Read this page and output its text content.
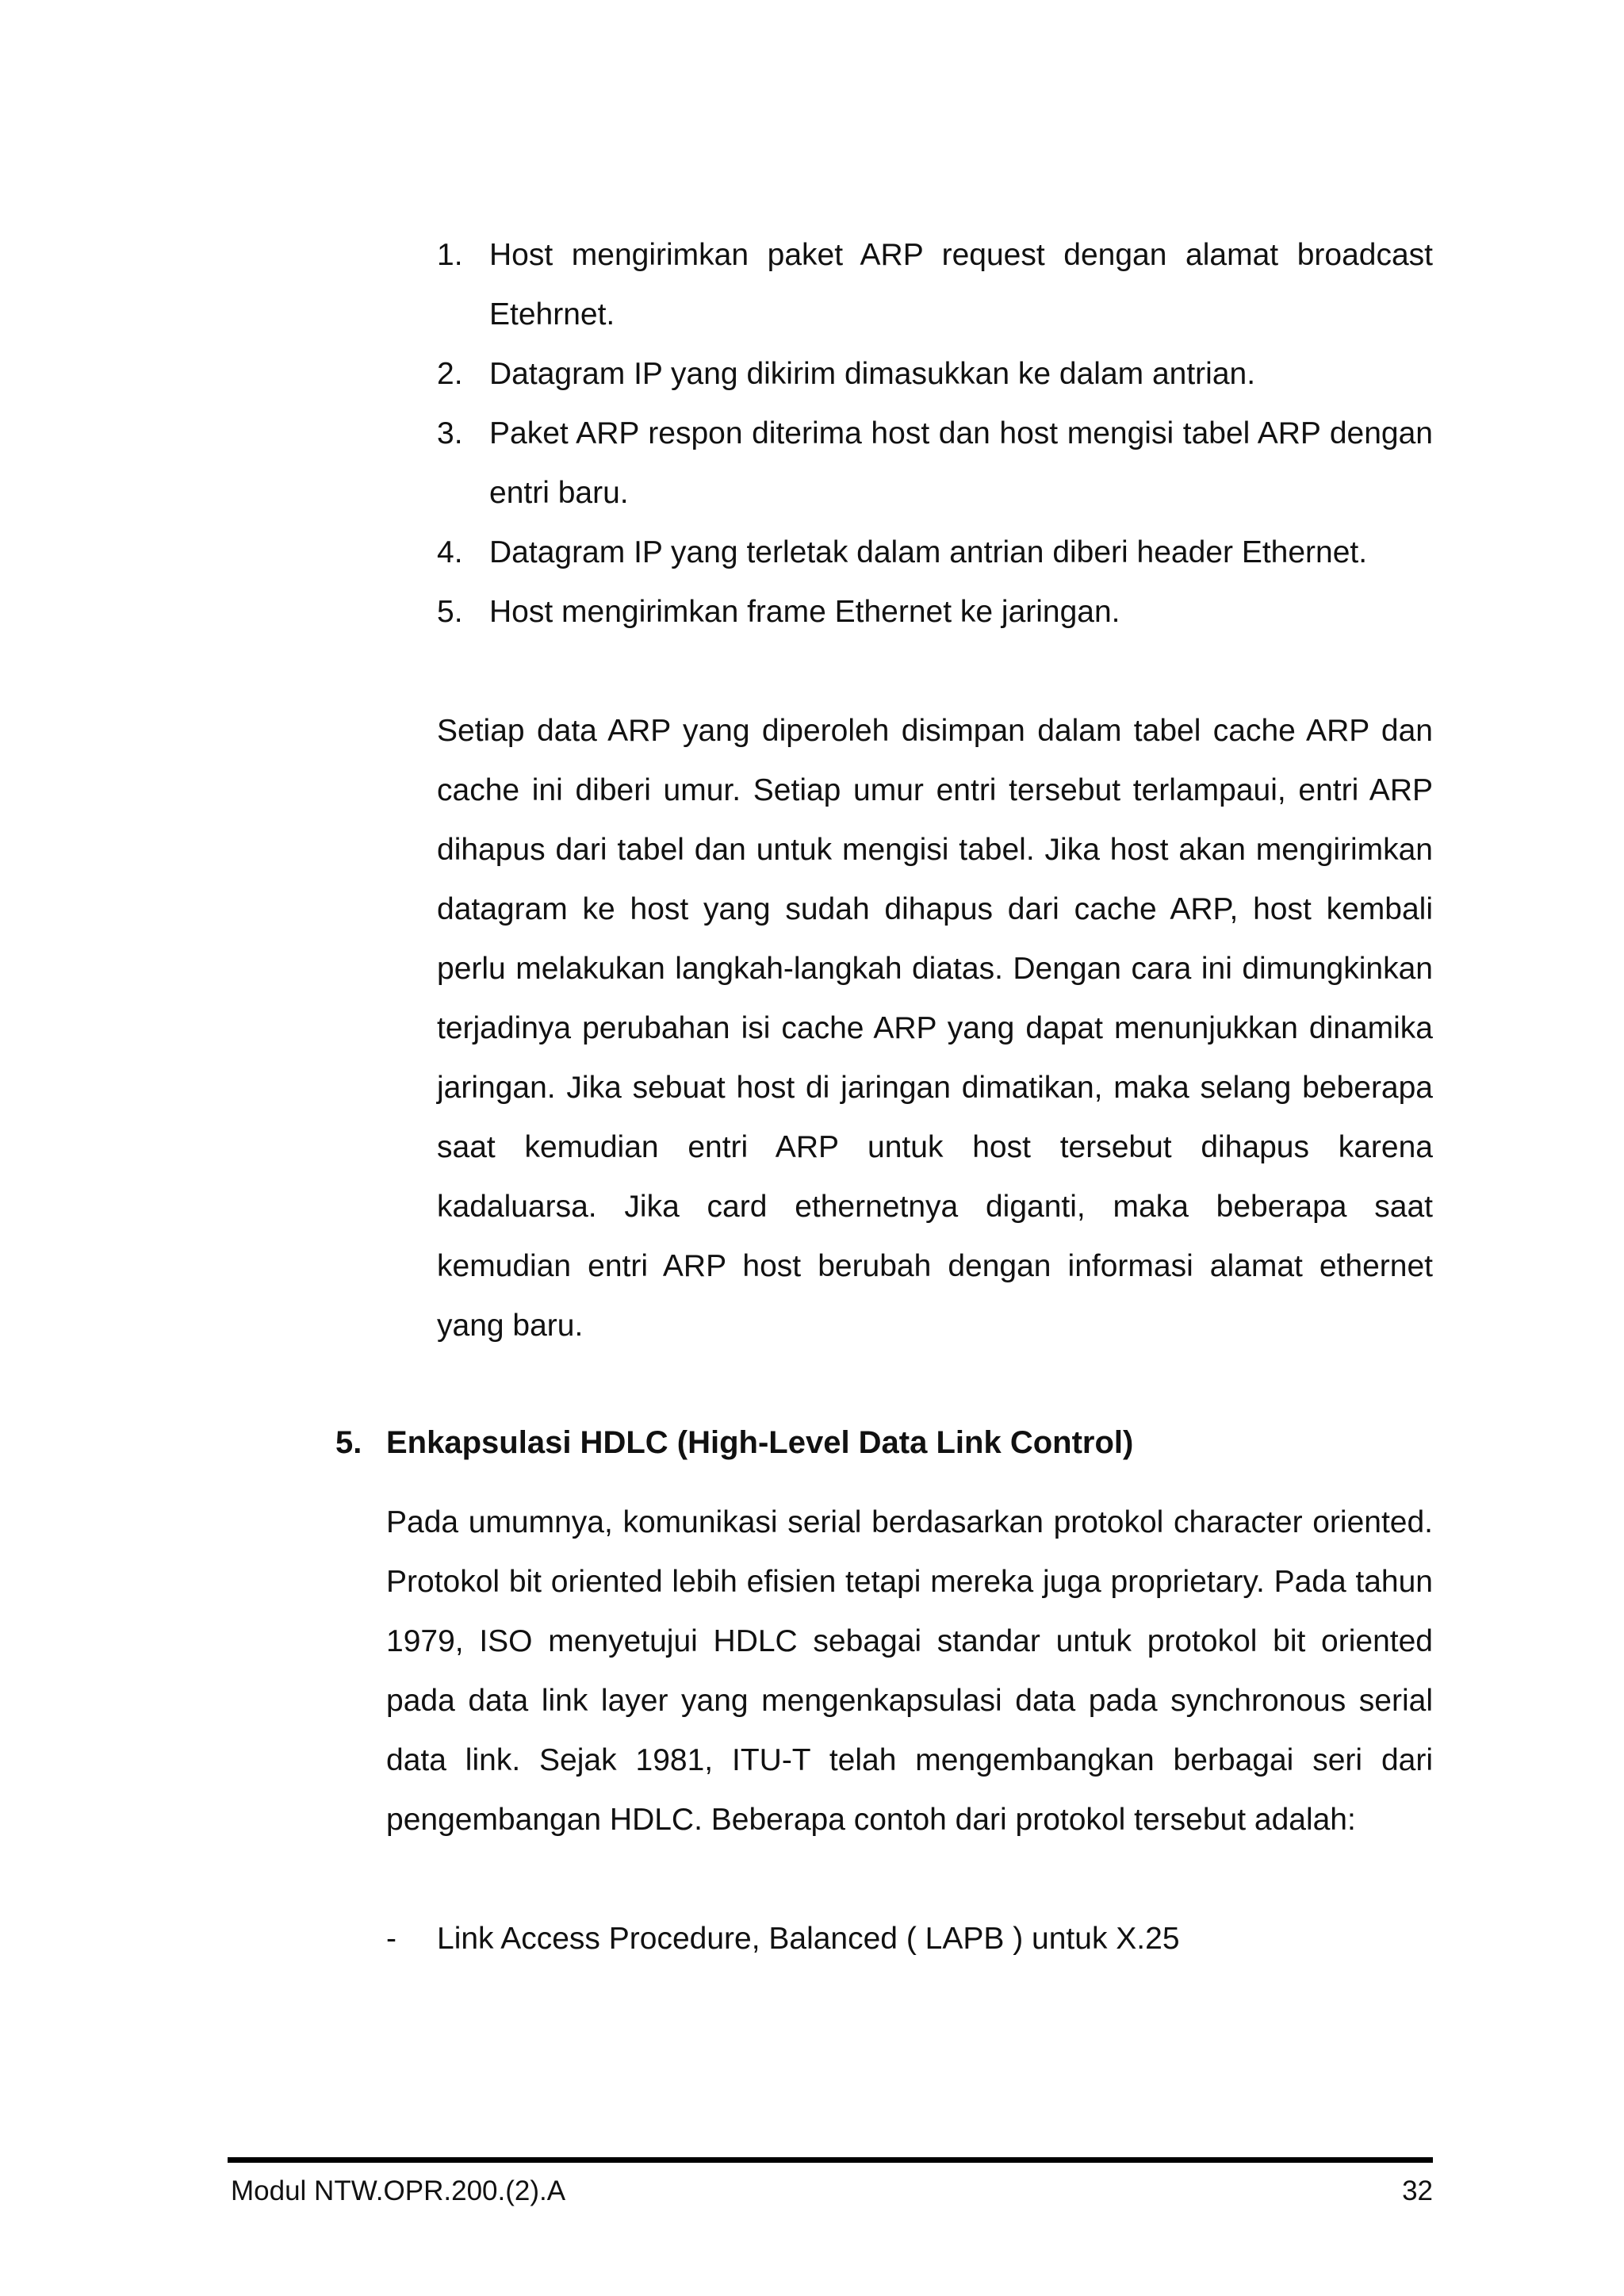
1. Host mengirimkan paket ARP request dengan alamat broadcast Etehrnet.
2. Datagram IP yang dikirim dimasukkan ke dalam antrian.
3. Paket ARP respon diterima host dan host mengisi tabel ARP dengan entri baru.
4. Datagram IP yang terletak dalam antrian diberi header Ethernet.
5. Host mengirimkan frame Ethernet ke jaringan.

Setiap data ARP yang diperoleh disimpan dalam tabel cache ARP dan cache ini diberi umur. Setiap umur entri tersebut terlampaui, entri ARP dihapus dari tabel dan untuk mengisi tabel. Jika host akan mengirimkan datagram ke host yang sudah dihapus dari cache ARP, host kembali perlu melakukan langkah-langkah diatas. Dengan cara ini dimungkinkan terjadinya perubahan isi cache ARP yang dapat menunjukkan dinamika jaringan. Jika sebuat host di jaringan dimatikan, maka selang beberapa saat kemudian entri ARP untuk host tersebut dihapus karena kadaluarsa. Jika card ethernetnya diganti, maka beberapa saat kemudian entri ARP host berubah dengan informasi alamat ethernet yang baru.

5. Enkapsulasi HDLC (High-Level Data Link Control)

Pada umumnya, komunikasi serial berdasarkan protokol character oriented. Protokol bit oriented lebih efisien tetapi mereka juga proprietary. Pada tahun 1979, ISO menyetujui HDLC sebagai standar untuk protokol bit oriented pada data link layer yang mengenkapsulasi data pada synchronous serial data link. Sejak 1981, ITU-T telah mengembangkan berbagai seri dari pengembangan HDLC. Beberapa contoh dari protokol tersebut adalah:

- Link Access Procedure, Balanced ( LAPB ) untuk X.25
Modul NTW.OPR.200.(2).A	32
